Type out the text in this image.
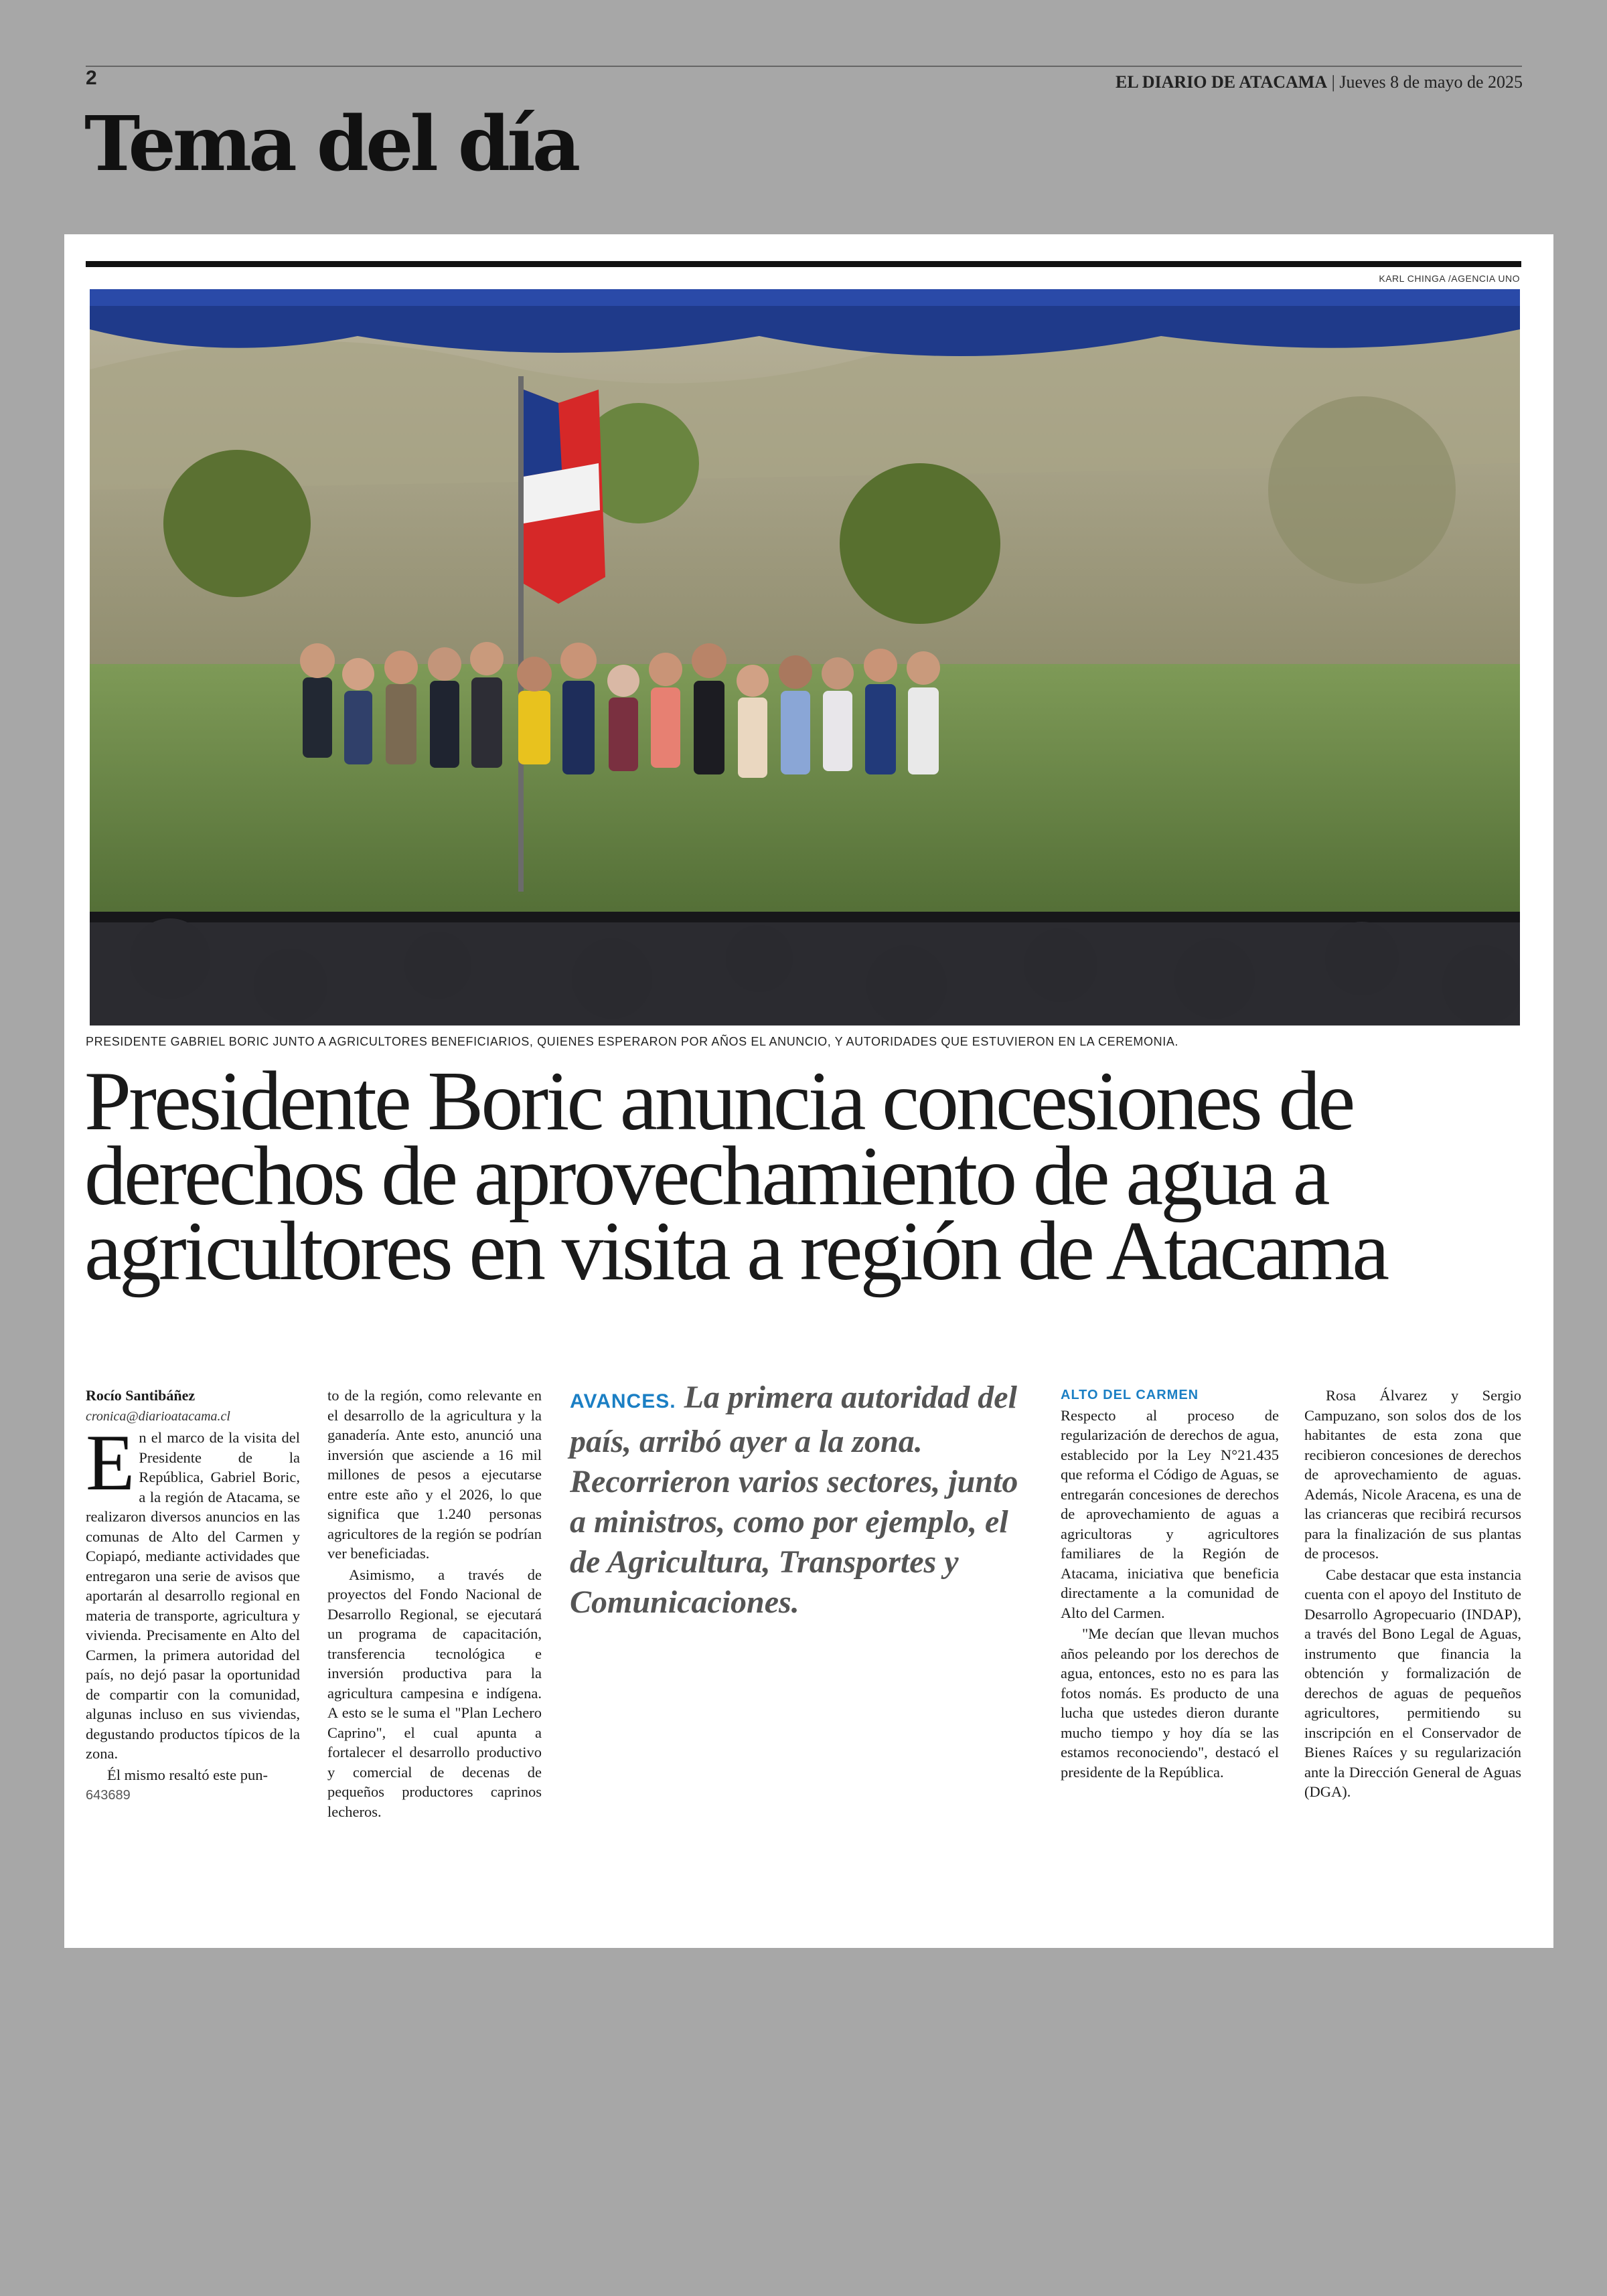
2	EL DIARIO DE ATACAMA | Jueves 8 de mayo de 2025
Tema del día
KARL CHINGA /AGENCIA UNO
PRESIDENTE GABRIEL BORIC JUNTO A AGRICULTORES BENEFICIARIOS, QUIENES ESPERARON POR AÑOS EL ANUNCIO, Y AUTORIDADES QUE ESTUVIERON EN LA CEREMONIA.
Presidente Boric anuncia concesiones de derechos de aprovechamiento de agua a agricultores en visita a región de Atacama

Rocío Santibáñez

cronica@diarioatacama.cl

En el marco de la visita del Presidente de la República, Gabriel Boric, a la región de Atacama, se realizaron diversos anuncios en las comunas de Alto del Carmen y Copiapó, mediante actividades que entregaron una serie de avisos que aportarán al desarrollo regional en materia de transporte, agricultura y vivienda. Precisamente en Alto del Carmen, la primera autoridad del país, no dejó pasar la oportunidad de compartir con la comunidad, algunas incluso en sus viviendas, degustando productos típicos de la zona.

Él mismo resaltó este pun-

643689

to de la región, como relevante en el desarrollo de la agricultura y la ganadería. Ante esto, anunció una inversión que asciende a 16 mil millones de pesos a ejecutarse entre este año y el 2026, lo que significa que 1.240 personas agricultores de la región se podrían ver beneficiadas.

Asimismo, a través de proyectos del Fondo Nacional de Desarrollo Regional, se ejecutará un programa de capacitación, transferencia tecnológica e inversión productiva para la agricultura campesina e indígena. A esto se le suma el "Plan Lechero Caprino", el cual apunta a fortalecer el desarrollo productivo y comercial de decenas de pequeños productores caprinos lecheros.

AVANCES. La primera autoridad del país, arribó ayer a la zona. Recorrieron varios sectores, junto a ministros, como por ejemplo, el de Agricultura, Transportes y Comunicaciones.
ALTO DEL CARMEN

Respecto al proceso de regularización de derechos de agua, establecido por la Ley N°21.435 que reforma el Código de Aguas, se entregarán concesiones de derechos de aprovechamiento de aguas a agricultoras y agricultores familiares de la Región de Atacama, iniciativa que beneficia directamente a la comunidad de Alto del Carmen.

"Me decían que llevan muchos años peleando por los derechos de agua, entonces, esto no es para las fotos nomás. Es producto de una lucha que ustedes dieron durante mucho tiempo y hoy día se las estamos reconociendo", destacó el presidente de la República.

Rosa Álvarez y Sergio Campuzano, son solos dos de los habitantes de esta zona que recibieron concesiones de derechos de aprovechamiento de aguas. Además, Nicole Aracena, es una de las crianceras que recibirá recursos para la finalización de sus plantas de procesos.

Cabe destacar que esta instancia cuenta con el apoyo del Instituto de Desarrollo Agropecuario (INDAP), a través del Bono Legal de Aguas, instrumento que financia la obtención y formalización de derechos de aguas de pequeños agricultores, permitiendo su inscripción en el Conservador de Bienes Raíces y su regularización ante la Dirección General de Aguas (DGA).
